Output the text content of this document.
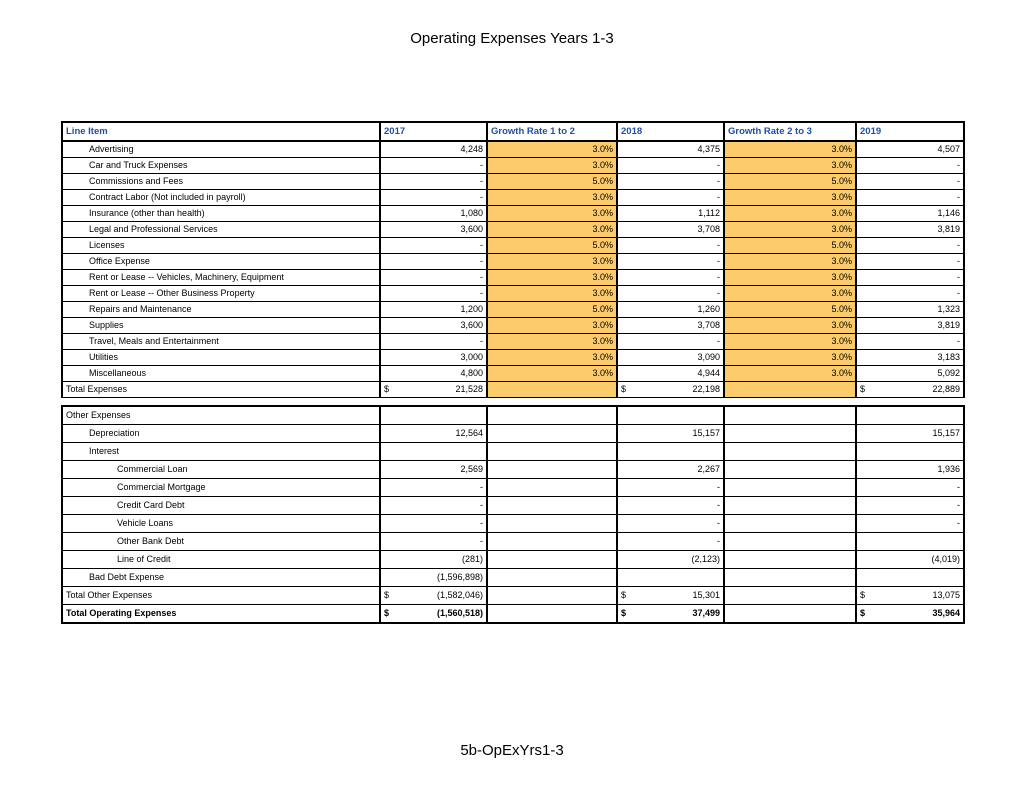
Operating Expenses Years 1-3
Line Item	2017	Growth Rate 1 to 2	2018	Growth Rate 2 to 3	2019
Advertising	4,248	3.0%	4,375	3.0%	4,507
Car and Truck Expenses	-	3.0%	-	3.0%	-
Commissions and Fees	-	5.0%	-	5.0%	-
Contract Labor (Not included in payroll)	-	3.0%	-	3.0%	-
Insurance (other than health)	1,080	3.0%	1,112	3.0%	1,146
Legal and Professional Services	3,600	3.0%	3,708	3.0%	3,819
Licenses	-	5.0%	-	5.0%	-
Office Expense	-	3.0%	-	3.0%	-
Rent or Lease -- Vehicles, Machinery, Equipment	-	3.0%	-	3.0%	-
Rent or Lease -- Other Business Property	-	3.0%	-	3.0%	-
Repairs and Maintenance	1,200	5.0%	1,260	5.0%	1,323
Supplies	3,600	3.0%	3,708	3.0%	3,819
Travel, Meals and Entertainment	-	3.0%	-	3.0%	-
Utilities	3,000	3.0%	3,090	3.0%	3,183
Miscellaneous	4,800	3.0%	4,944	3.0%	5,092
Total Expenses	$ 21,528		$ 22,198		$ 22,889

Other Expenses					
Depreciation	12,564		15,157		15,157
Interest					
Commercial Loan	2,569		2,267		1,936
Commercial Mortgage	-		-		-
Credit Card Debt	-		-		-
Vehicle Loans	-		-		-
Other Bank Debt	-		-		
Line of Credit	(281)		(2,123)		(4,019)
Bad Debt Expense	(1,596,898)				
Total Other Expenses	$ (1,582,046)		$ 15,301		$ 13,075

Total Operating Expenses	$ (1,560,518)		$ 37,499		$ 35,964
5b-OpExYrs1-3
